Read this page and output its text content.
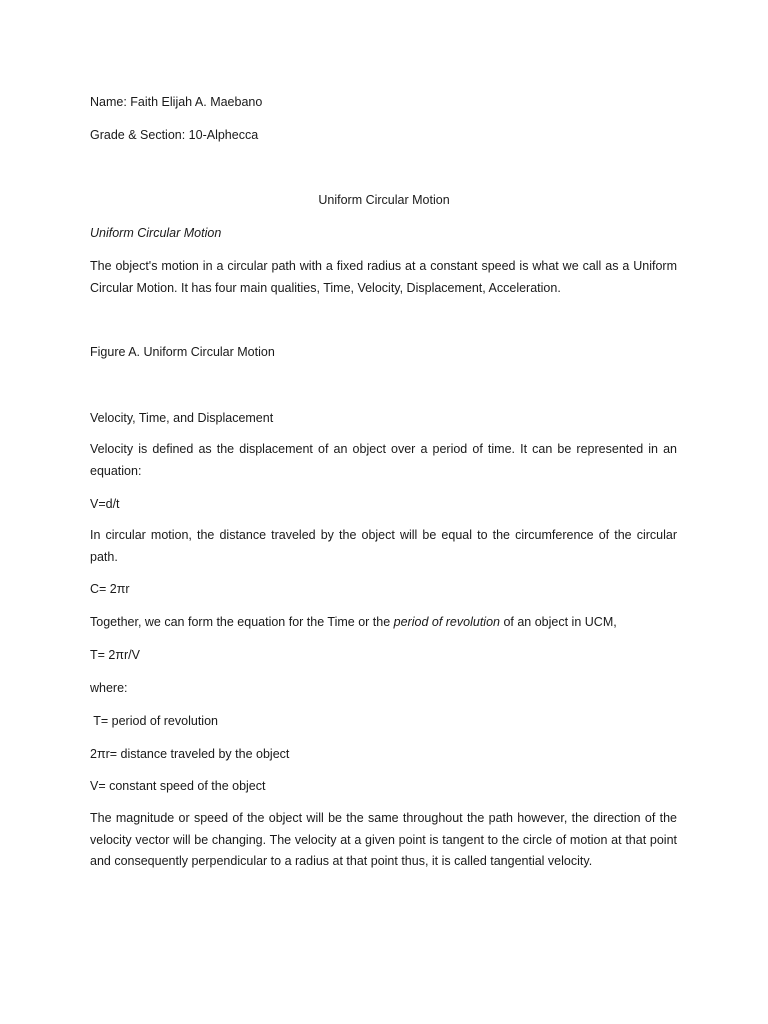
Name: Faith Elijah A. Maebano

Grade & Section: 10-Alphecca

Uniform Circular Motion

Uniform Circular Motion

The object's motion in a circular path with a fixed radius at a constant speed is what we call as a Uniform Circular Motion. It has four main qualities, Time, Velocity, Displacement, Acceleration.

Figure A. Uniform Circular Motion

Velocity, Time, and Displacement

Velocity is defined as the displacement of an object over a period of time. It can be represented in an equation:

V=d/t

In circular motion, the distance traveled by the object will be equal to the circumference of the circular path.

C= 2πr

Together, we can form the equation for the Time or the period of revolution of an object in UCM,

T= 2πr/V

where:

T= period of revolution

2πr= distance traveled by the object

V= constant speed of the object

The magnitude or speed of the object will be the same throughout the path however, the direction of the velocity vector will be changing. The velocity at a given point is tangent to the circle of motion at that point and consequently perpendicular to a radius at that point thus, it is called tangential velocity.
